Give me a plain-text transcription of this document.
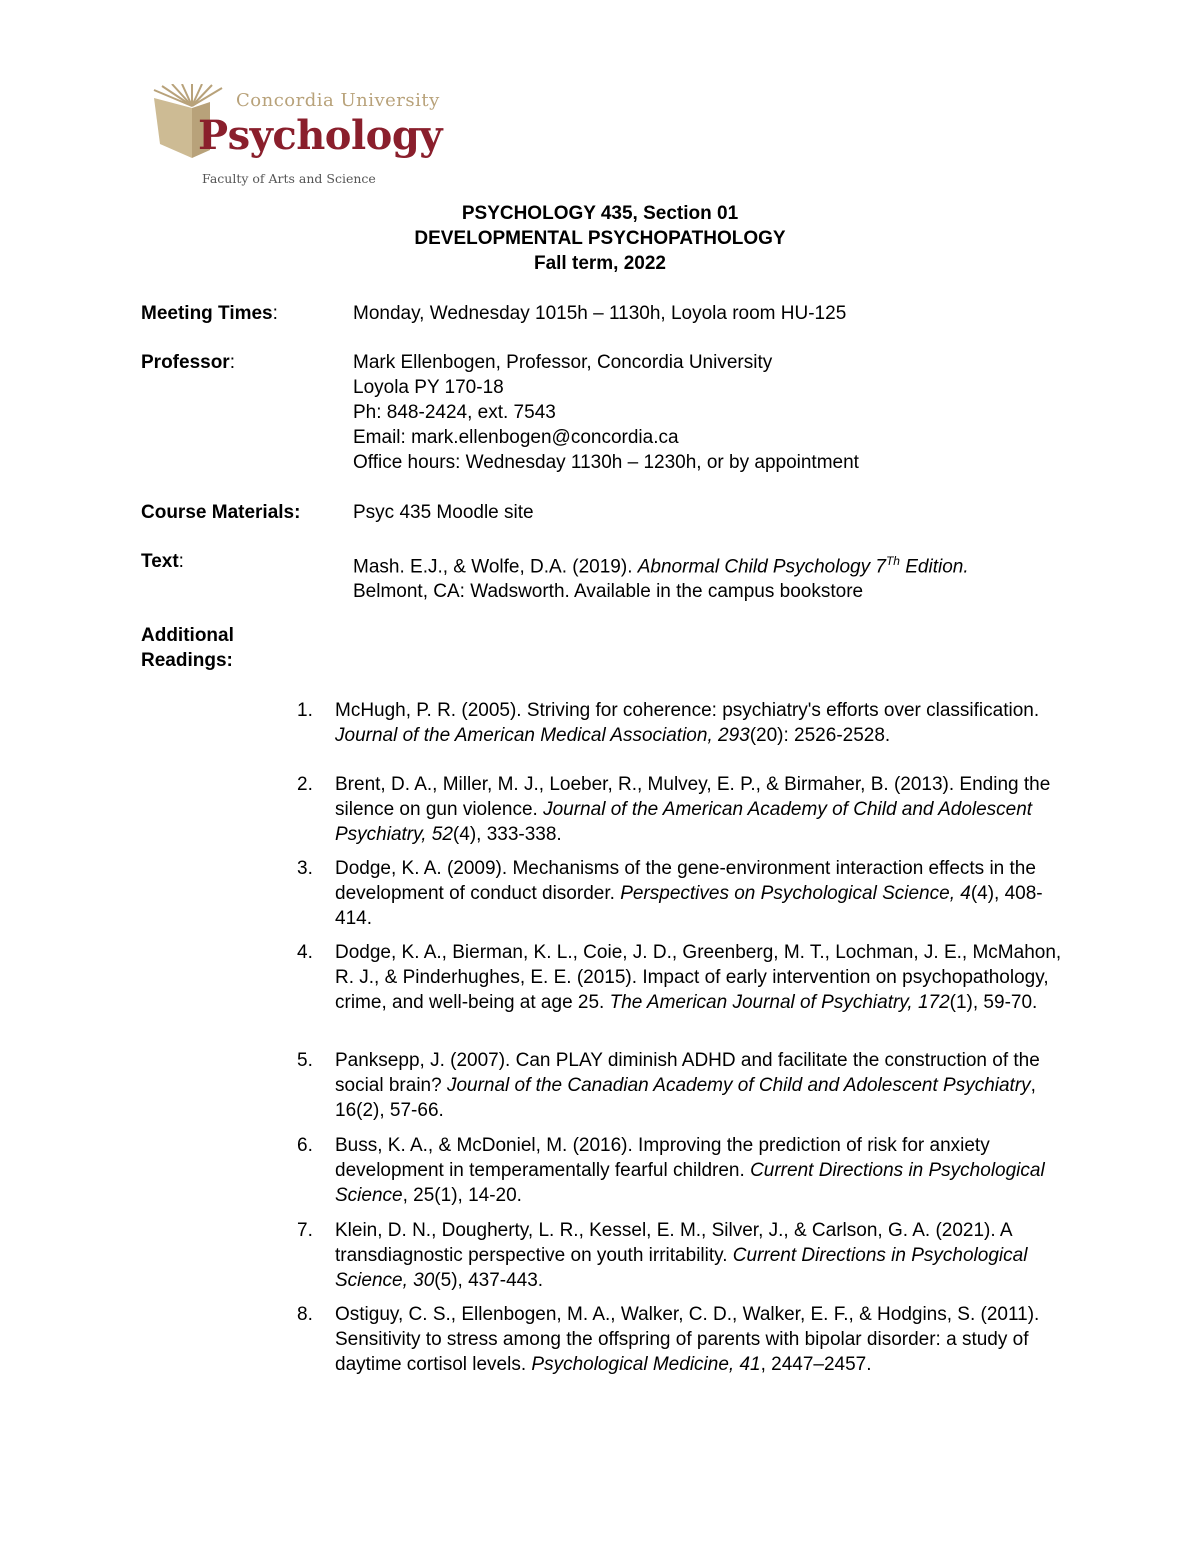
Concordia University
Psychology
Faculty of Arts and Science
PSYCHOLOGY 435, Section 01
DEVELOPMENTAL PSYCHOPATHOLOGY
Fall term, 2022
Meeting Times:	Monday, Wednesday 1015h – 1130h, Loyola room HU-125
Professor:	Mark Ellenbogen, Professor, Concordia University
Loyola PY 170-18
Ph: 848-2424, ext. 7543
Email: mark.ellenbogen@concordia.ca
Office hours: Wednesday 1130h – 1230h, or by appointment
Course Materials:	Psyc 435 Moodle site
Text:	Mash. E.J., & Wolfe, D.A. (2019). Abnormal Child Psychology 7Th Edition.
Belmont, CA: Wadsworth. Available in the campus bookstore
Additional
Readings:
1.	McHugh, P. R. (2005). Striving for coherence: psychiatry's efforts over classification. Journal of the American Medical Association, 293(20): 2526-2528.
2.	Brent, D. A., Miller, M. J., Loeber, R., Mulvey, E. P., & Birmaher, B. (2013). Ending the silence on gun violence. Journal of the American Academy of Child and Adolescent Psychiatry, 52(4), 333-338.
3.	Dodge, K. A. (2009). Mechanisms of the gene-environment interaction effects in the development of conduct disorder. Perspectives on Psychological Science, 4(4), 408-414.
4.	Dodge, K. A., Bierman, K. L., Coie, J. D., Greenberg, M. T., Lochman, J. E., McMahon, R. J., & Pinderhughes, E. E. (2015). Impact of early intervention on psychopathology, crime, and well-being at age 25. The American Journal of Psychiatry, 172(1), 59-70.
5.	Panksepp, J. (2007). Can PLAY diminish ADHD and facilitate the construction of the social brain? Journal of the Canadian Academy of Child and Adolescent Psychiatry, 16(2), 57-66.
6.	Buss, K. A., & McDoniel, M. (2016). Improving the prediction of risk for anxiety development in temperamentally fearful children. Current Directions in Psychological Science, 25(1), 14-20.
7.	Klein, D. N., Dougherty, L. R., Kessel, E. M., Silver, J., & Carlson, G. A. (2021). A transdiagnostic perspective on youth irritability. Current Directions in Psychological Science, 30(5), 437-443.
8.	Ostiguy, C. S., Ellenbogen, M. A., Walker, C. D., Walker, E. F., & Hodgins, S. (2011). Sensitivity to stress among the offspring of parents with bipolar disorder: a study of daytime cortisol levels. Psychological Medicine, 41, 2447–2457.
